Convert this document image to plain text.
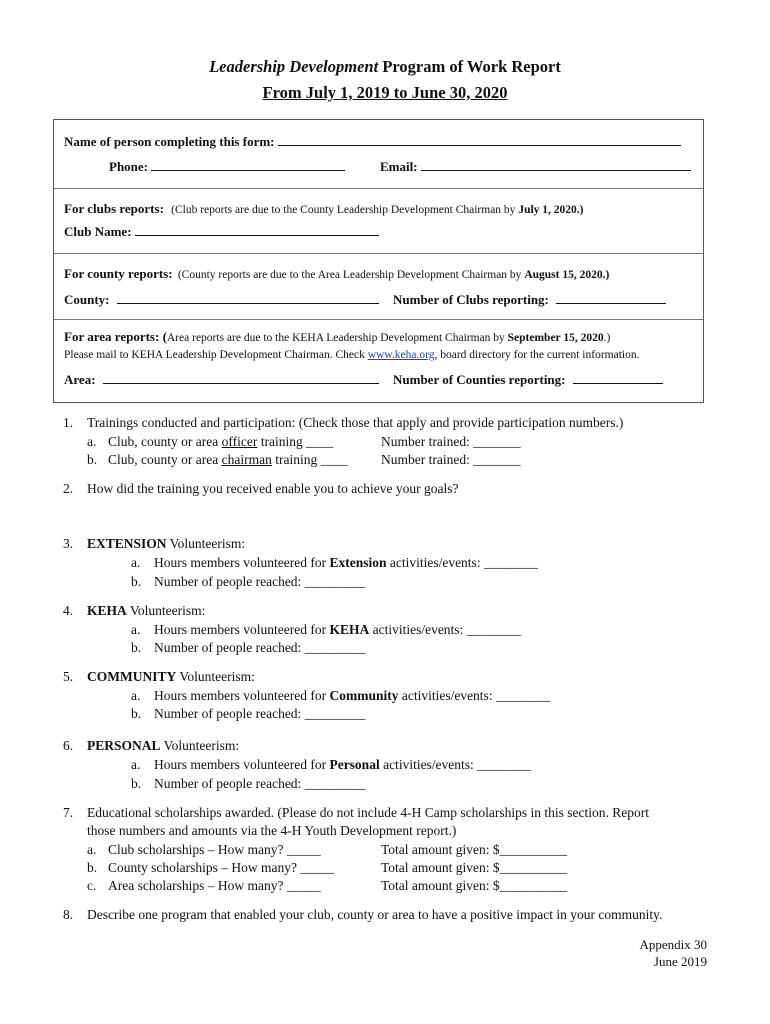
Leadership Development Program of Work Report
From July 1, 2019 to June 30, 2020
Name of person completing this form:
Phone:	Email:
For clubs reports: (Club reports are due to the County Leadership Development Chairman by July 1, 2020.)
Club Name:
For county reports: (County reports are due to the Area Leadership Development Chairman by August 15, 2020.)
County:	Number of Clubs reporting:
For area reports: (Area reports are due to the KEHA Leadership Development Chairman by September 15, 2020.)
Please mail to KEHA Leadership Development Chairman. Check www.keha.org, board directory for the current information.
Area:	Number of Counties reporting:
1. Trainings conducted and participation: (Check those that apply and provide participation numbers.)
a. Club, county or area officer training ____	Number trained: _______
b. Club, county or area chairman training ____ Number trained: _______
2. How did the training you received enable you to achieve your goals?
3. EXTENSION Volunteerism:
a. Hours members volunteered for Extension activities/events: ________
b. Number of people reached: _________
4. KEHA Volunteerism:
a. Hours members volunteered for KEHA activities/events: ________
b. Number of people reached: _________
5. COMMUNITY Volunteerism:
a. Hours members volunteered for Community activities/events: ________
b. Number of people reached: _________
6. PERSONAL Volunteerism:
a. Hours members volunteered for Personal activities/events: ________
b. Number of people reached: _________
7. Educational scholarships awarded. (Please do not include 4-H Camp scholarships in this section. Report
those numbers and amounts via the 4-H Youth Development report.)
a. Club scholarships – How many? _____	Total amount given: $__________
b. County scholarships – How many? _____	Total amount given: $__________
c. Area scholarships – How many? _____	Total amount given: $__________
8. Describe one program that enabled your club, county or area to have a positive impact in your community.
Appendix 30
June 2019
